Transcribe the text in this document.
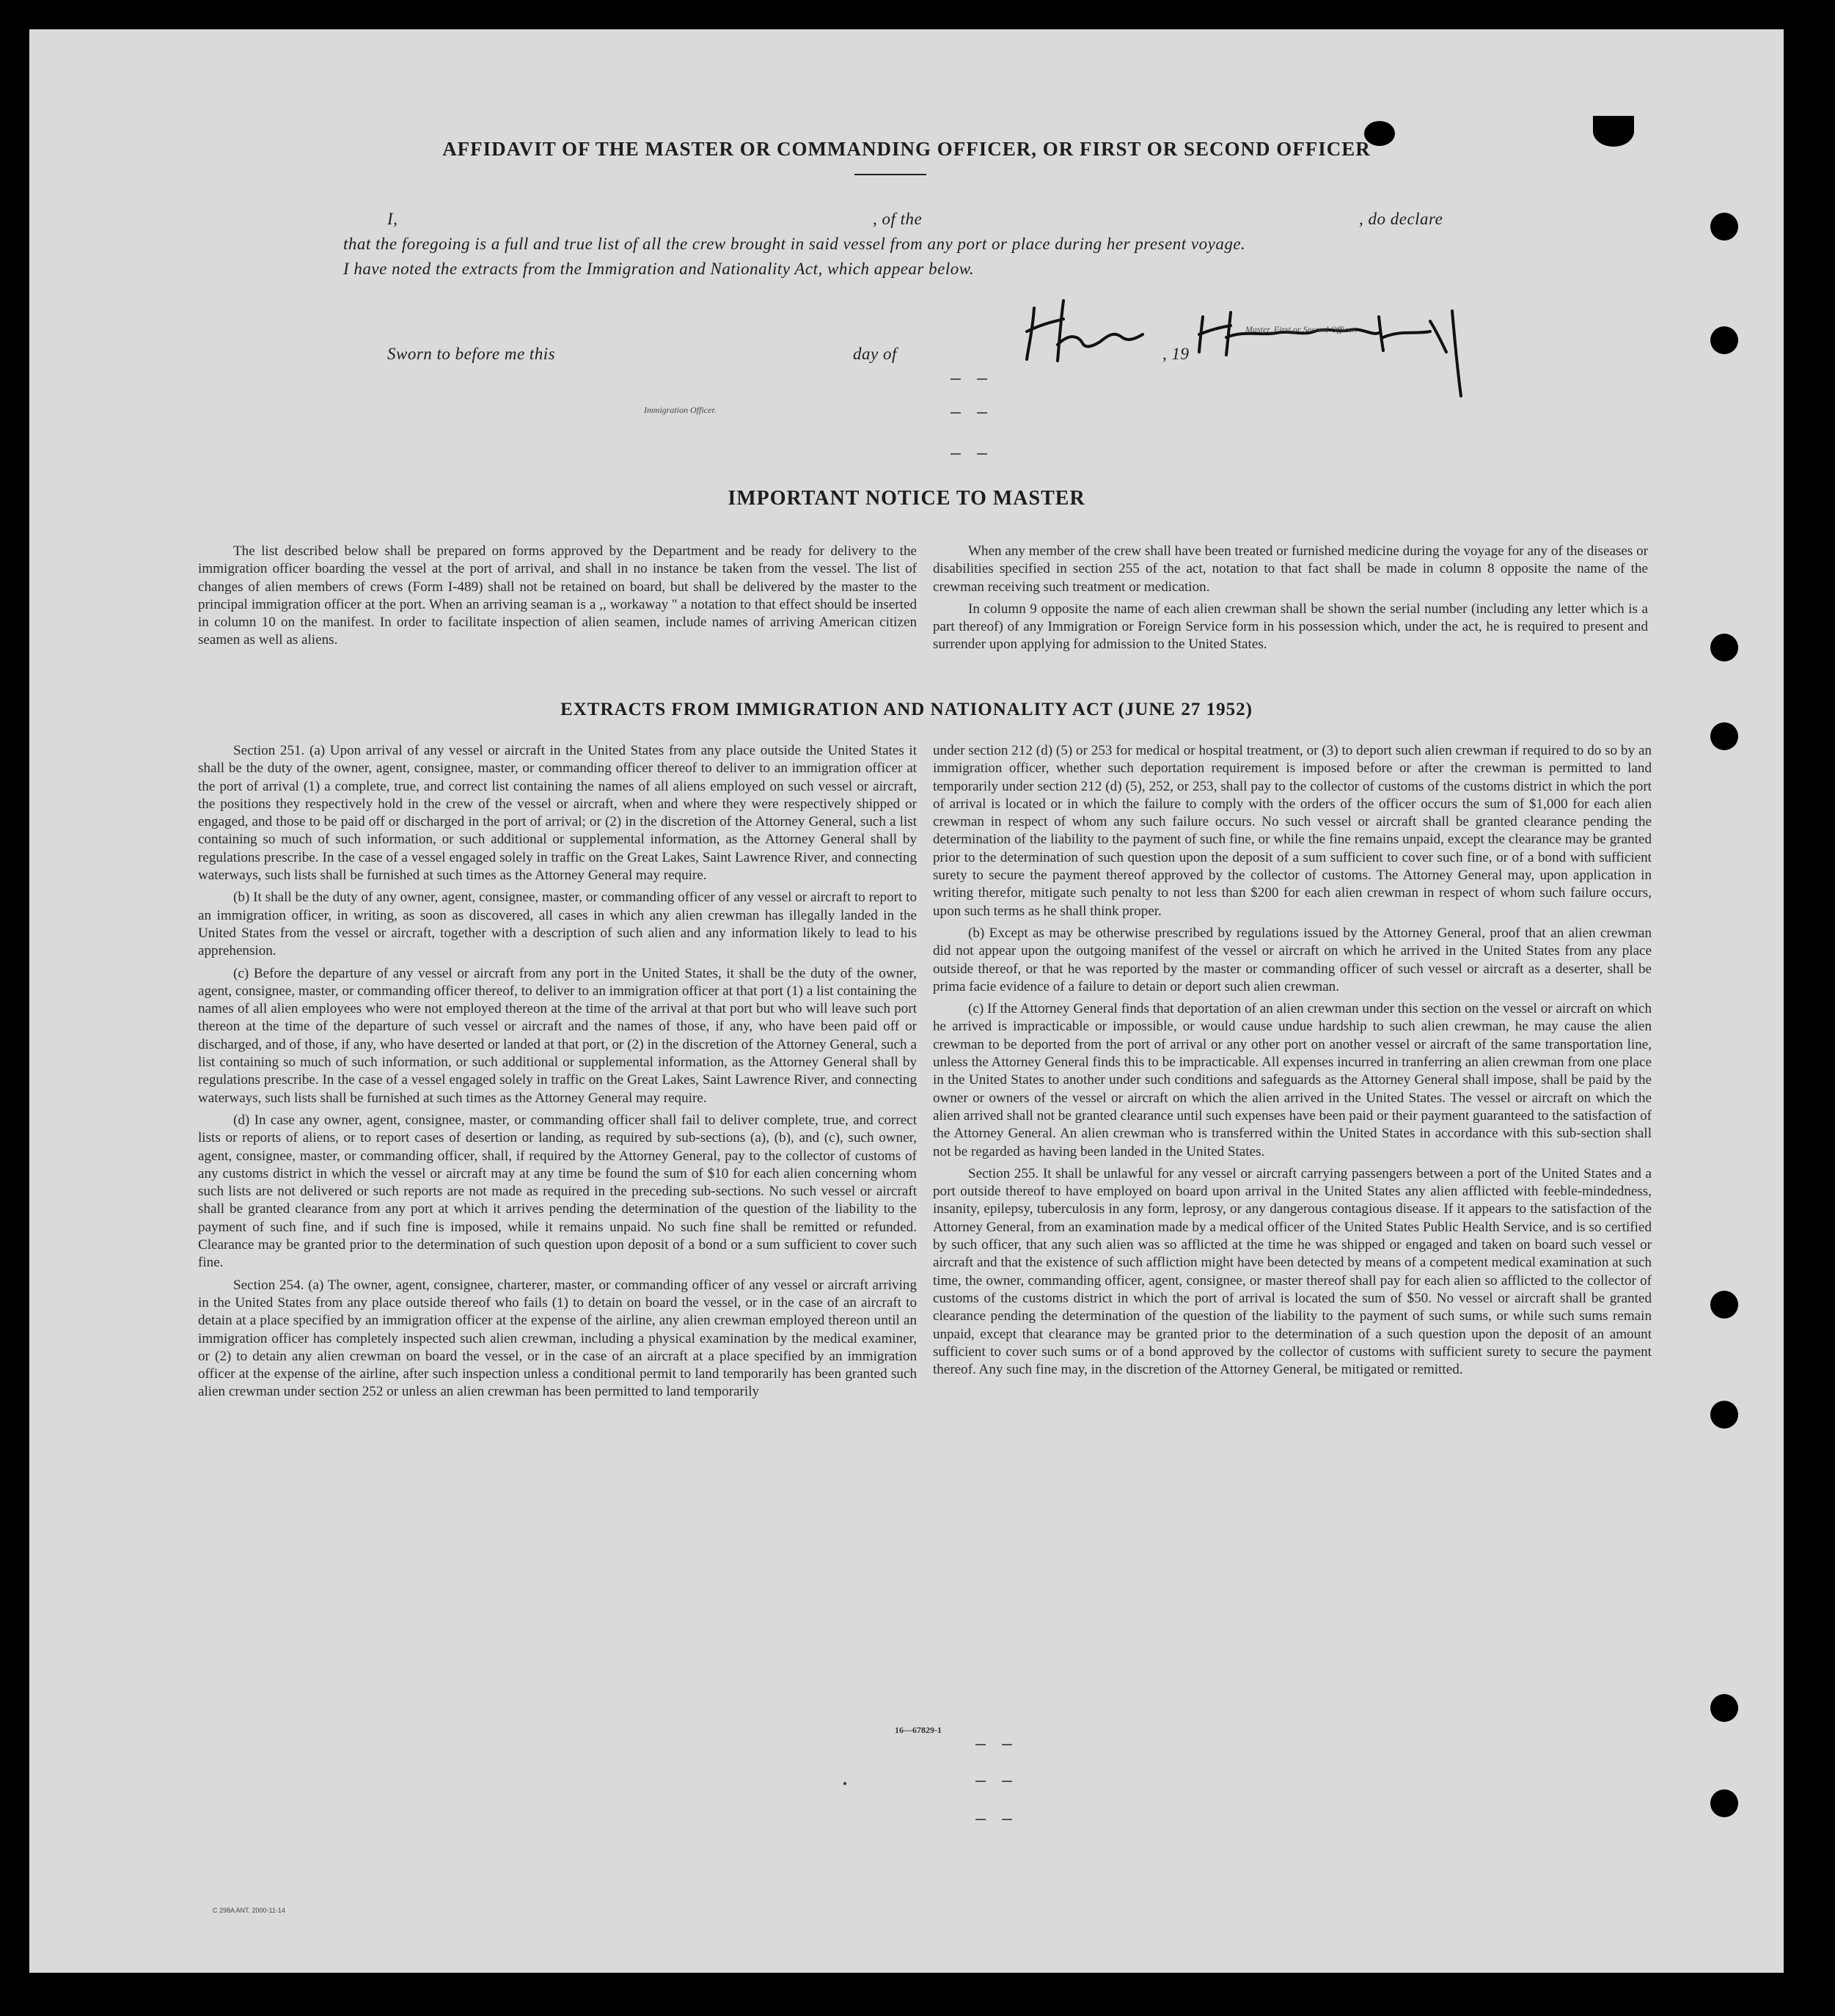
AFFIDAVIT OF THE MASTER OR COMMANDING OFFICER, OR FIRST OR SECOND OFFICER
I,	, of the	, do declare
that the foregoing is a full and true list of all the crew brought in said vessel from any port or place during her present voyage.
I have noted the extracts from the Immigration and Nationality Act, which appear below.
Master, First or Second Officer.
Sworn to before me this	day of	, 19
Immigration Officer.
IMPORTANT NOTICE TO MASTER

The list described below shall be prepared on forms approved by the Department and be ready for delivery to the immigration officer boarding the vessel at the port of arrival, and shall in no instance be taken from the vessel. The list of changes of alien members of crews (Form I-489) shall not be retained on board, but shall be delivered by the master to the principal immigration officer at the port. When an arriving seaman is a ,, workaway '' a notation to that effect should be inserted in column 10 on the manifest. In order to facilitate inspection of alien seamen, include names of arriving American citizen seamen as well as aliens.

When any member of the crew shall have been treated or furnished medicine during the voyage for any of the diseases or disabilities specified in section 255 of the act, notation to that fact shall be made in column 8 opposite the name of the crewman receiving such treatment or medication.

In column 9 opposite the name of each alien crewman shall be shown the serial number (including any letter which is a part thereof) of any Immigration or Foreign Service form in his possession which, under the act, he is required to present and surrender upon applying for admission to the United States.

EXTRACTS FROM IMMIGRATION AND NATIONALITY ACT (JUNE 27 1952)

Section 251. (a) Upon arrival of any vessel or aircraft in the United States from any place outside the United States it shall be the duty of the owner, agent, consignee, master, or commanding officer thereof to deliver to an immigration officer at the port of arrival (1) a complete, true, and correct list containing the names of all aliens employed on such vessel or aircraft, the positions they respectively hold in the crew of the vessel or aircraft, when and where they were respectively shipped or engaged, and those to be paid off or discharged in the port of arrival; or (2) in the discretion of the Attorney General, such a list containing so much of such information, or such additional or supplemental information, as the Attorney General shall by regulations prescribe. In the case of a vessel engaged solely in traffic on the Great Lakes, Saint Lawrence River, and connecting waterways, such lists shall be furnished at such times as the Attorney General may require.

(b) It shall be the duty of any owner, agent, consignee, master, or commanding officer of any vessel or aircraft to report to an immigration officer, in writing, as soon as discovered, all cases in which any alien crewman has illegally landed in the United States from the vessel or aircraft, together with a description of such alien and any information likely to lead to his apprehension.

(c) Before the departure of any vessel or aircraft from any port in the United States, it shall be the duty of the owner, agent, consignee, master, or commanding officer thereof, to deliver to an immigration officer at that port (1) a list containing the names of all alien employees who were not employed thereon at the time of the arrival at that port but who will leave such port thereon at the time of the departure of such vessel or aircraft and the names of those, if any, who have been paid off or discharged, and of those, if any, who have deserted or landed at that port, or (2) in the discretion of the Attorney General, such a list containing so much of such information, or such additional or supplemental information, as the Attorney General shall by regulations prescribe. In the case of a vessel engaged solely in traffic on the Great Lakes, Saint Lawrence River, and connecting waterways, such lists shall be furnished at such times as the Attorney General may require.

(d) In case any owner, agent, consignee, master, or commanding officer shall fail to deliver complete, true, and correct lists or reports of aliens, or to report cases of desertion or landing, as required by sub-sections (a), (b), and (c), such owner, agent, consignee, master, or commanding officer, shall, if required by the Attorney General, pay to the collector of customs of any customs district in which the vessel or aircraft may at any time be found the sum of $10 for each alien concerning whom such lists are not delivered or such reports are not made as required in the preceding sub-sections. No such vessel or aircraft shall be granted clearance from any port at which it arrives pending the determination of the question of the liability to the payment of such fine, and if such fine is imposed, while it remains unpaid. No such fine shall be remitted or refunded. Clearance may be granted prior to the determination of such question upon deposit of a bond or a sum sufficient to cover such fine.

Section 254. (a) The owner, agent, consignee, charterer, master, or commanding officer of any vessel or aircraft arriving in the United States from any place outside thereof who fails (1) to detain on board the vessel, or in the case of an aircraft to detain at a place specified by an immigration officer at the expense of the airline, any alien crewman employed thereon until an immigration officer has completely inspected such alien crewman, including a physical examination by the medical examiner, or (2) to detain any alien crewman on board the vessel, or in the case of an aircraft at a place specified by an immigration officer at the expense of the airline, after such inspection unless a conditional permit to land temporarily has been granted such alien crewman under section 252 or unless an alien crewman has been permitted to land temporarily

under section 212 (d) (5) or 253 for medical or hospital treatment, or (3) to deport such alien crewman if required to do so by an immigration officer, whether such deportation requirement is imposed before or after the crewman is permitted to land temporarily under section 212 (d) (5), 252, or 253, shall pay to the collector of customs of the customs district in which the port of arrival is located or in which the failure to comply with the orders of the officer occurs the sum of $1,000 for each alien crewman in respect of whom any such failure occurs. No such vessel or aircraft shall be granted clearance pending the determination of the liability to the payment of such fine, or while the fine remains unpaid, except the clearance may be granted prior to the determination of such question upon the deposit of a sum sufficient to cover such fine, or of a bond with sufficient surety to secure the payment thereof approved by the collector of customs. The Attorney General may, upon application in writing therefor, mitigate such penalty to not less than $200 for each alien crewman in respect of whom such failure occurs, upon such terms as he shall think proper.

(b) Except as may be otherwise prescribed by regulations issued by the Attorney General, proof that an alien crewman did not appear upon the outgoing manifest of the vessel or aircraft on which he arrived in the United States from any place outside thereof, or that he was reported by the master or commanding officer of such vessel or aircraft as a deserter, shall be prima facie evidence of a failure to detain or deport such alien crewman.

(c) If the Attorney General finds that deportation of an alien crewman under this section on the vessel or aircraft on which he arrived is impracticable or impossible, or would cause undue hardship to such alien crewman, he may cause the alien crewman to be deported from the port of arrival or any other port on another vessel or aircraft of the same transportation line, unless the Attorney General finds this to be impracticable. All expenses incurred in tranferring an alien crewman from one place in the United States to another under such conditions and safeguards as the Attorney General shall impose, shall be paid by the owner or owners of the vessel or aircraft on which the alien arrived in the United States. The vessel or aircraft on which the alien arrived shall not be granted clearance until such expenses have been paid or their payment guaranteed to the satisfaction of the Attorney General. An alien crewman who is transferred within the United States in accordance with this sub-section shall not be regarded as having been landed in the United States.

Section 255. It shall be unlawful for any vessel or aircraft carrying passengers between a port of the United States and a port outside thereof to have employed on board upon arrival in the United States any alien afflicted with feeble-mindedness, insanity, epilepsy, tuberculosis in any form, leprosy, or any dangerous contagious disease. If it appears to the satisfaction of the Attorney General, from an examination made by a medical officer of the United States Public Health Service, and is so certified by such officer, that any such alien was so afflicted at the time he was shipped or engaged and taken on board such vessel or aircraft and that the existence of such affliction might have been detected by means of a competent medical examination at such time, the owner, commanding officer, agent, consignee, or master thereof shall pay for each alien so afflicted to the collector of customs of the customs district in which the port of arrival is located the sum of $50. No vessel or aircraft shall be granted clearance pending the determination of the question of the liability to the payment of such sums, or while such sums remain unpaid, except that clearance may be granted prior to the determination of a such question upon the deposit of an amount sufficient to cover such sums or of a bond approved by the collector of customs with sufficient surety to secure the payment thereof. Any such fine may, in the discretion of the Attorney General, be mitigated or remitted.

16—67829-1
C 298A ANT. 2000-11-14
